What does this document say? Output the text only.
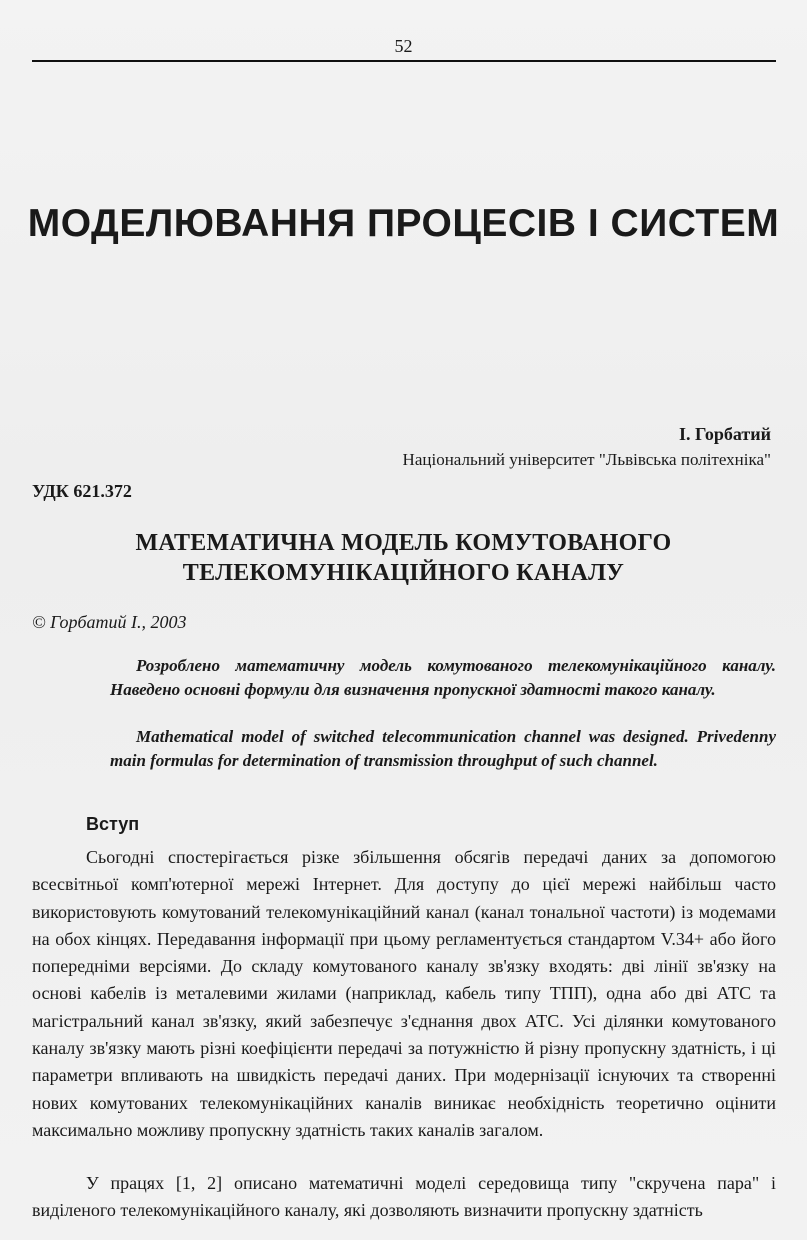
52
МОДЕЛЮВАННЯ ПРОЦЕСІВ І СИСТЕМ
І. Горбатий
Національний університет "Львівська політехніка"
УДК 621.372
МАТЕМАТИЧНА МОДЕЛЬ КОМУТОВАНОГО ТЕЛЕКОМУНІКАЦІЙНОГО КАНАЛУ
© Горбатий І., 2003
Розроблено математичну модель комутованого телекомунікаційного каналу. Наведено основні формули для визначення пропускної здатності такого каналу.
Mathematical model of switched telecommunication channel was designed. Privedenny main formulas for determination of transmission throughput of such channel.
Вступ
Сьогодні спостерігається різке збільшення обсягів передачі даних за допомогою всесвітньої комп'ютерної мережі Інтернет. Для доступу до цієї мережі найбільш часто використовують комутований телекомунікаційний канал (канал тональної частоти) із модемами на обох кінцях. Передавання інформації при цьому регламентується стандартом V.34+ або його попередніми версіями. До складу комутованого каналу зв'язку входять: дві лінії зв'язку на основі кабелів із металевими жилами (наприклад, кабель типу ТПП), одна або дві АТС та магістральний канал зв'язку, який забезпечує з'єднання двох АТС. Усі ділянки комутованого каналу зв'язку мають різні коефіцієнти передачі за потужністю й різну пропускну здатність, і ці параметри впливають на швидкість передачі даних. При модернізації існуючих та створенні нових комутованих телекомунікаційних каналів виникає необхідність теоретично оцінити максимально можливу пропускну здатність таких каналів загалом.
У працях [1, 2] описано математичні моделі середовища типу "скручена пара" і виділеного телекомунікаційного каналу, які дозволяють визначити пропускну здатність
